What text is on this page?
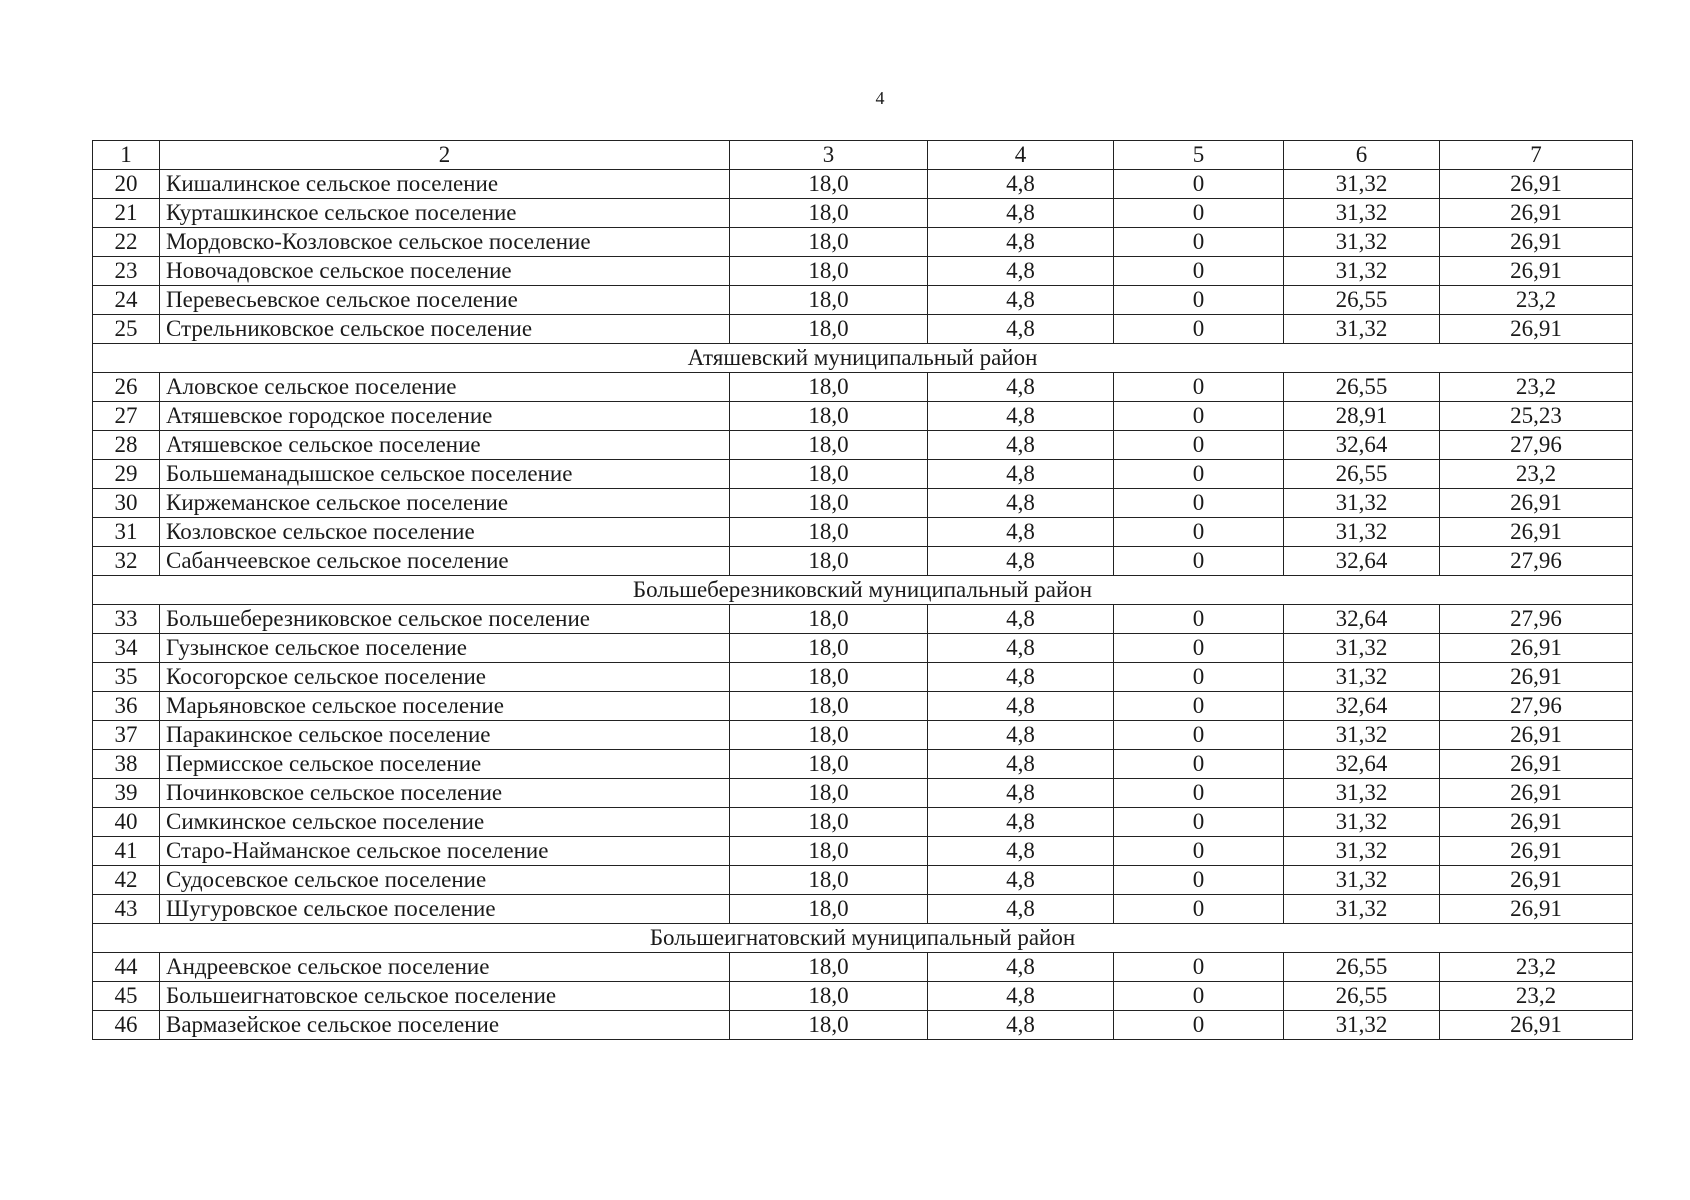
4
1	2	3	4	5	6	7
20	Кишалинское сельское поселение	18,0	4,8	0	31,32	26,91
21	Курташкинское сельское поселение	18,0	4,8	0	31,32	26,91
22	Мордовско-Козловское сельское поселение	18,0	4,8	0	31,32	26,91
23	Новочадовское сельское поселение	18,0	4,8	0	31,32	26,91
24	Перевесьевское сельское поселение	18,0	4,8	0	26,55	23,2
25	Стрельниковское сельское поселение	18,0	4,8	0	31,32	26,91
Атяшевский муниципальный район						
26	Аловское сельское поселение	18,0	4,8	0	26,55	23,2
27	Атяшевское городское поселение	18,0	4,8	0	28,91	25,23
28	Атяшевское сельское поселение	18,0	4,8	0	32,64	27,96
29	Большеманадышское сельское поселение	18,0	4,8	0	26,55	23,2
30	Киржеманское сельское поселение	18,0	4,8	0	31,32	26,91
31	Козловское сельское поселение	18,0	4,8	0	31,32	26,91
32	Сабанчеевское сельское поселение	18,0	4,8	0	32,64	27,96
Большеберезниковский муниципальный район						
33	Большеберезниковское сельское поселение	18,0	4,8	0	32,64	27,96
34	Гузынское сельское поселение	18,0	4,8	0	31,32	26,91
35	Косогорское сельское поселение	18,0	4,8	0	31,32	26,91
36	Марьяновское сельское поселение	18,0	4,8	0	32,64	27,96
37	Паракинское сельское поселение	18,0	4,8	0	31,32	26,91
38	Пермисское сельское поселение	18,0	4,8	0	32,64	26,91
39	Починковское сельское поселение	18,0	4,8	0	31,32	26,91
40	Симкинское сельское поселение	18,0	4,8	0	31,32	26,91
41	Старо-Найманское сельское поселение	18,0	4,8	0	31,32	26,91
42	Судосевское сельское поселение	18,0	4,8	0	31,32	26,91
43	Шугуровское сельское поселение	18,0	4,8	0	31,32	26,91
Большеигнатовский муниципальный район						
44	Андреевское сельское поселение	18,0	4,8	0	26,55	23,2
45	Большеигнатовское сельское поселение	18,0	4,8	0	26,55	23,2
46	Вармазейское сельское поселение	18,0	4,8	0	31,32	26,91
